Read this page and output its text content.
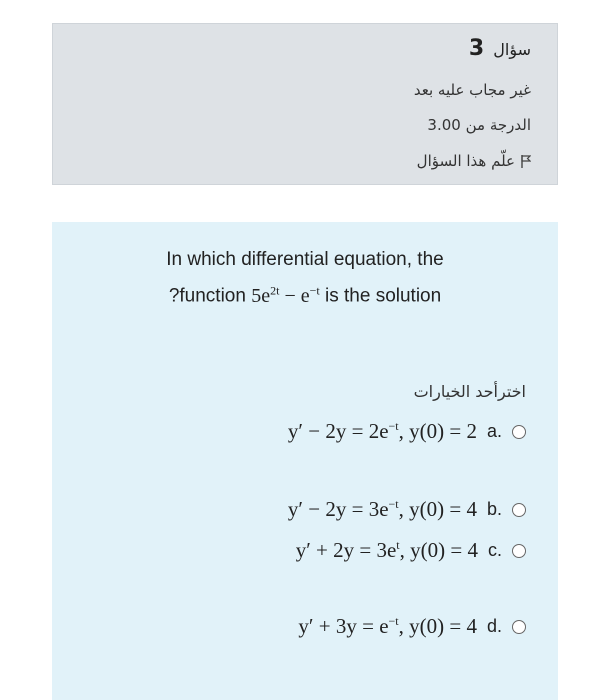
سؤال 3
غير مجاب عليه بعد
الدرجة من 3.00
علّم هذا السؤال
In which differential equation, the
?function $5e^{2t} - e^{-t}$ is the solution
اخترأحد الخيارات
$y' - 2y = 2e^{-t}$, y(0) = 2 a.
$y' - 2y = 3e^{-t}$, y(0) = 4 b.
$y' + 2y = 3e^t$, y(0) = 4 c.
$y' + 3y = e^{-t}$, y(0) = 4 d.
